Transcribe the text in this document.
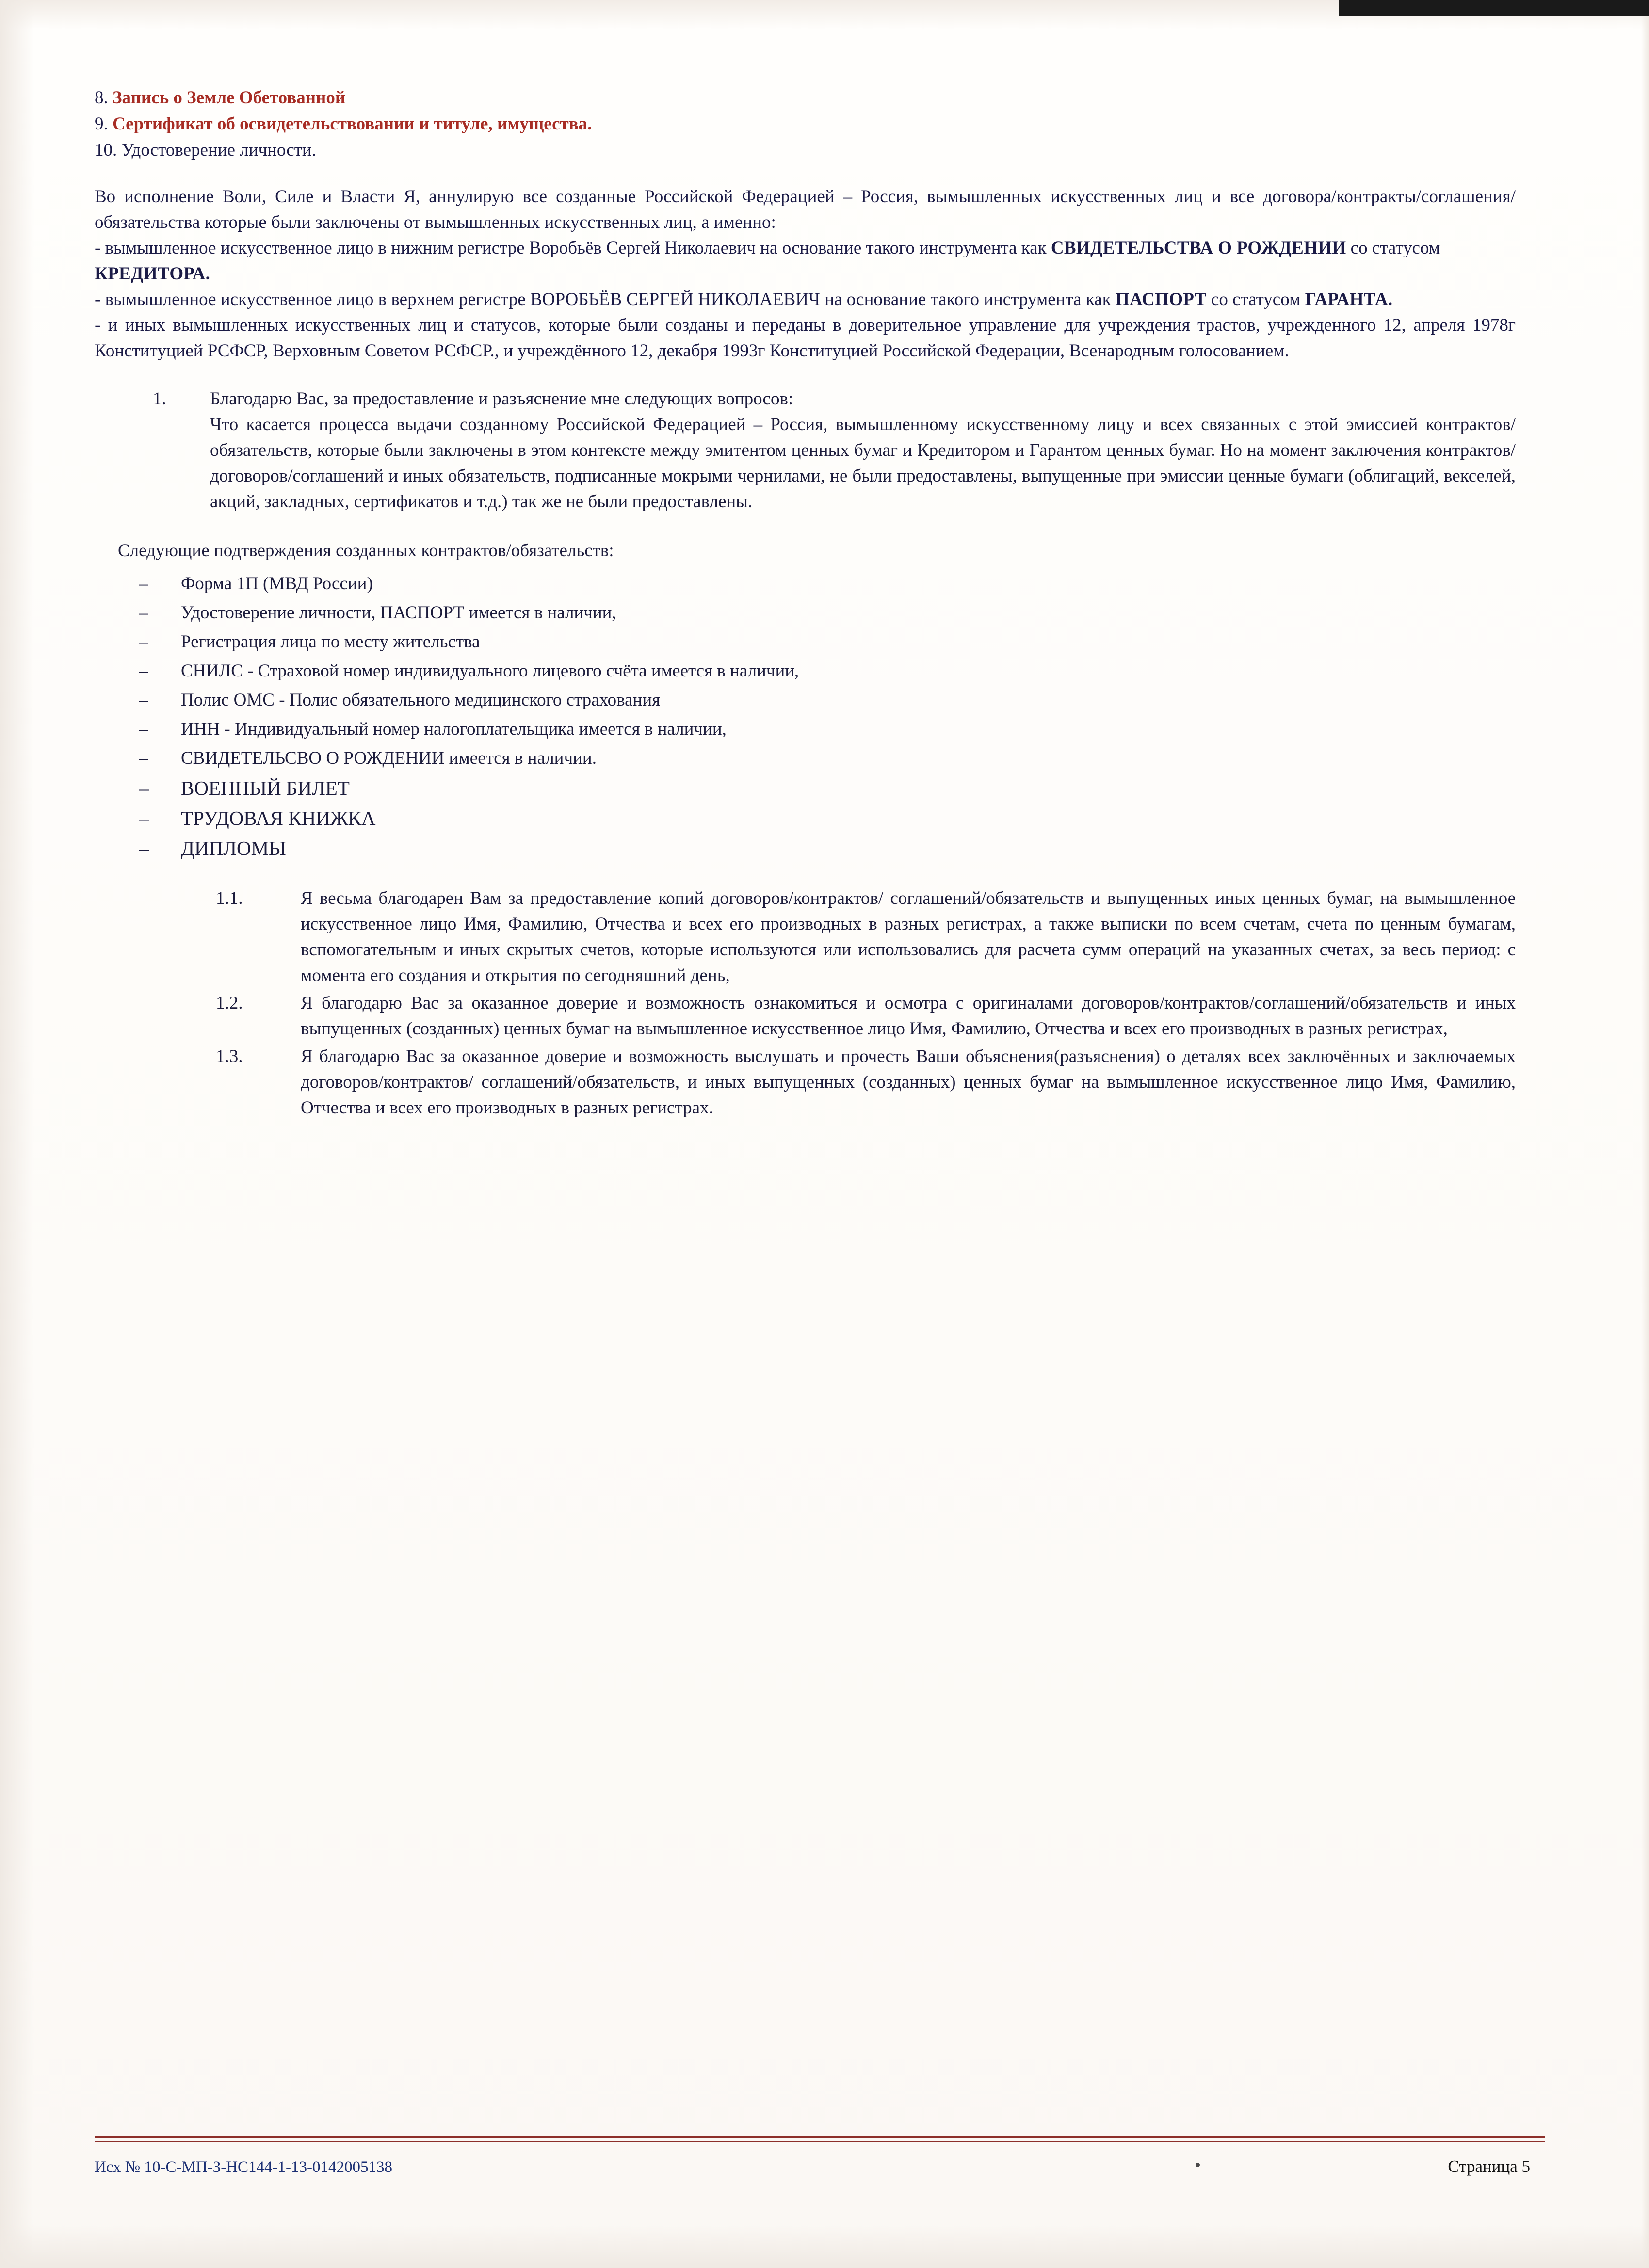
8. Запись о Земле Обетованной
9. Сертификат об освидетельствовании и титуле, имущества.
10. Удостоверение личности.

Во исполнение Воли, Силе и Власти Я, аннулирую все созданные Российской Федерацией – Россия, вымышленных искусственных лиц и все договора/контракты/соглашения/обязательства которые были заключены от вымышленных искусственных лиц, а именно:

- вымышленное искусственное лицо в нижним регистре Воробьёв Сергей Николаевич на основание такого инструмента как СВИДЕТЕЛЬСТВА О РОЖДЕНИИ со статусом КРЕДИТОРА.

- вымышленное искусственное лицо в верхнем регистре ВОРОБЬЁВ СЕРГЕЙ НИКОЛАЕВИЧ на основание такого инструмента как ПАСПОРТ со статусом ГАРАНТА.

- и иных вымышленных искусственных лиц и статусов, которые были созданы и переданы в доверительное управление для учреждения трастов, учрежденного 12, апреля 1978г Конституцией РСФСР, Верховным Советом РСФСР., и учреждённого 12, декабря 1993г Конституцией Российской Федерации, Всенародным голосованием.

1.	Благодарю Вас, за предоставление и разъяснение мне следующих вопросов:

Что касается процесса выдачи созданному Российской Федерацией – Россия, вымышленному искусственному лицу и всех связанных с этой эмиссией контрактов/обязательств, которые были заключены в этом контексте между эмитентом ценных бумаг и Кредитором и Гарантом ценных бумаг. Но на момент заключения контрактов/договоров/соглашений и иных обязательств, подписанные мокрыми чернилами, не были предоставлены, выпущенные при эмиссии ценные бумаги (облигаций, векселей, акций, закладных, сертификатов и т.д.) так же не были предоставлены.

Следующие подтверждения созданных контрактов/обязательств:
– Форма 1П (МВД России)
– Удостоверение личности, ПАСПОРТ имеется в наличии,
– Регистрация лица по месту жительства
– СНИЛС - Страховой номер индивидуального лицевого счёта имеется в наличии,
– Полис ОМС - Полис обязательного медицинского страхования
– ИНН - Индивидуальный номер налогоплательщика имеется в наличии,
– СВИДЕТЕЛЬСВО О РОЖДЕНИИ имеется в наличии.
– ВОЕННЫЙ БИЛЕТ
– ТРУДОВАЯ КНИЖКА
– ДИПЛОМЫ
1.1.	Я весьма благодарен Вам за предоставление копий договоров/контрактов/ соглашений/обязательств и выпущенных иных ценных бумаг, на вымышленное искусственное лицо Имя, Фамилию, Отчества и всех его производных в разных регистрах, а также выписки по всем счетам, счета по ценным бумагам, вспомогательным и иных скрытых счетов, которые используются или использовались для расчета сумм операций на указанных счетах, за весь период: с момента его создания и открытия по сегодняшний день,

1.2.	Я благодарю Вас за оказанное доверие и возможность ознакомиться и осмотра с оригиналами договоров/контрактов/соглашений/обязательств и иных выпущенных (созданных) ценных бумаг на вымышленное искусственное лицо Имя, Фамилию, Отчества и всех его производных в разных регистрах,

1.3.	Я благодарю Вас за оказанное доверие и возможность выслушать и прочесть Ваши объяснения(разъяснения) о деталях всех заключённых и заключаемых договоров/контрактов/ соглашений/обязательств, и иных выпущенных (созданных) ценных бумаг на вымышленное искусственное лицо Имя, Фамилию, Отчества и всех его производных в разных регистрах.

Исх № 10-С-МП-З-НС144-1-13-0142005138	Страница 5
